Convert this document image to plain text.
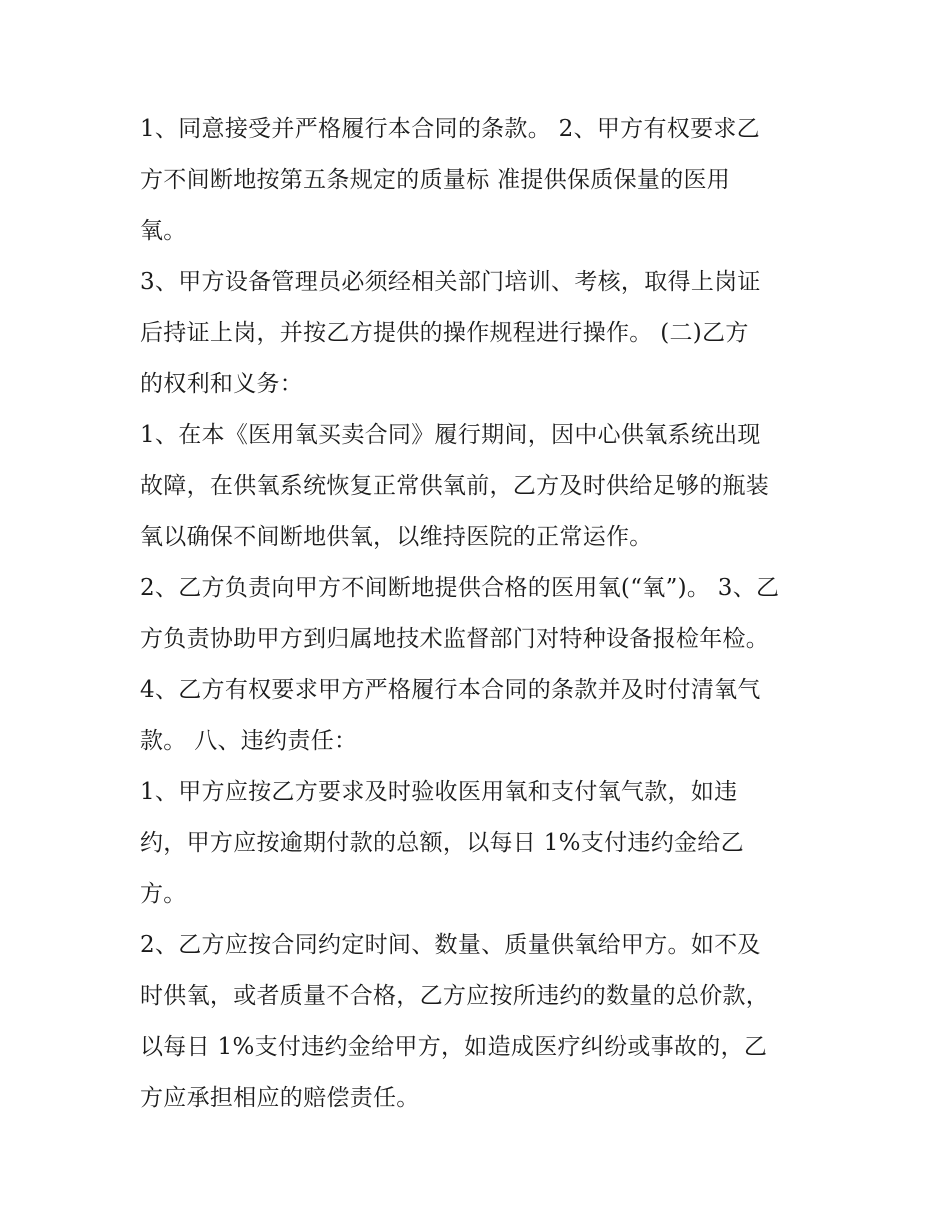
1、同意接受并严格履行本合同的条款。 2、甲方有权要求乙
方不间断地按第五条规定的质量标 准提供保质保量的医用
氧。
3、甲方设备管理员必须经相关部门培训、考核，取得上岗证
后持证上岗，并按乙方提供的操作规程进行操作。 (二)乙方
的权利和义务：
1、在本《医用氧买卖合同》履行期间，因中心供氧系统出现
故障，在供氧系统恢复正常供氧前，乙方及时供给足够的瓶装
氧以确保不间断地供氧，以维持医院的正常运作。
2、乙方负责向甲方不间断地提供合格的医用氧(“氧”)。 3、乙
方负责协助甲方到归属地技术监督部门对特种设备报检年检。
4、乙方有权要求甲方严格履行本合同的条款并及时付清氧气
款。 八、违约责任：
1、甲方应按乙方要求及时验收医用氧和支付氧气款，如违
约，甲方应按逾期付款的总额，以每日 1%支付违约金给乙
方。
2、乙方应按合同约定时间、数量、质量供氧给甲方。如不及
时供氧，或者质量不合格，乙方应按所违约的数量的总价款，
以每日 1%支付违约金给甲方，如造成医疗纠纷或事故的，乙
方应承担相应的赔偿责任。
